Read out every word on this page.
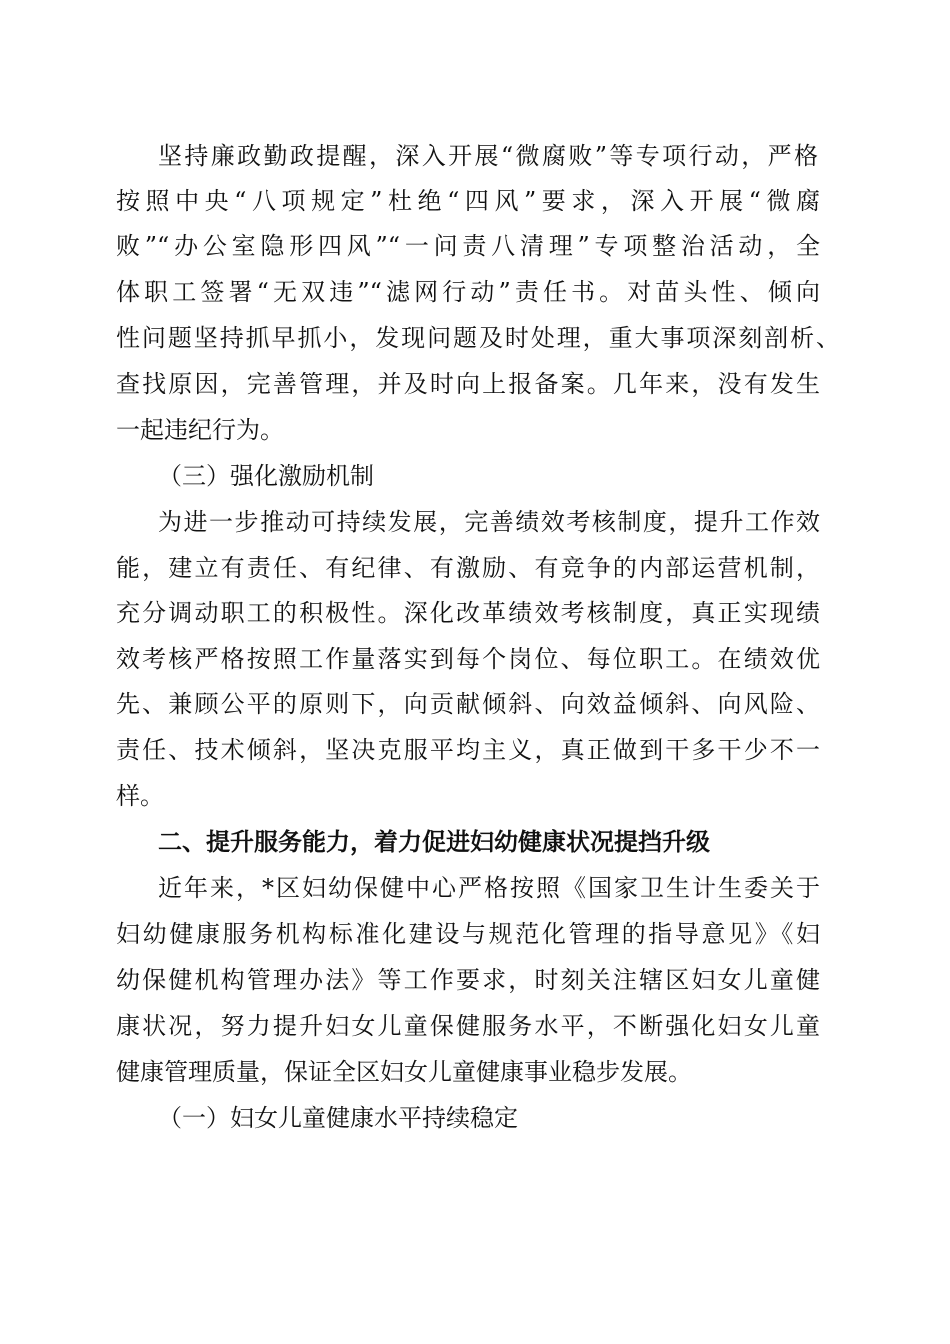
坚持廉政勤政提醒，深入开展“微腐败”等专项行动，严格
按照中央“八项规定”杜绝“四风”要求，深入开展“微腐
败”“办公室隐形四风”“一问责八清理”专项整治活动，全
体职工签署“无双违”“滤网行动”责任书。对苗头性、倾向
性问题坚持抓早抓小，发现问题及时处理，重大事项深刻剖析、
查找原因，完善管理，并及时向上报备案。几年来，没有发生
一起违纪行为。
（三）强化激励机制
为进一步推动可持续发展，完善绩效考核制度，提升工作效
能，建立有责任、有纪律、有激励、有竞争的内部运营机制，
充分调动职工的积极性。深化改革绩效考核制度，真正实现绩
效考核严格按照工作量落实到每个岗位、每位职工。在绩效优
先、兼顾公平的原则下，向贡献倾斜、向效益倾斜、向风险、
责任、技术倾斜，坚决克服平均主义，真正做到干多干少不一
样。
二、提升服务能力，着力促进妇幼健康状况提挡升级
近年来，*区妇幼保健中心严格按照《国家卫生计生委关于
妇幼健康服务机构标准化建设与规范化管理的指导意见》《妇
幼保健机构管理办法》等工作要求，时刻关注辖区妇女儿童健
康状况，努力提升妇女儿童保健服务水平，不断强化妇女儿童
健康管理质量，保证全区妇女儿童健康事业稳步发展。
（一）妇女儿童健康水平持续稳定
